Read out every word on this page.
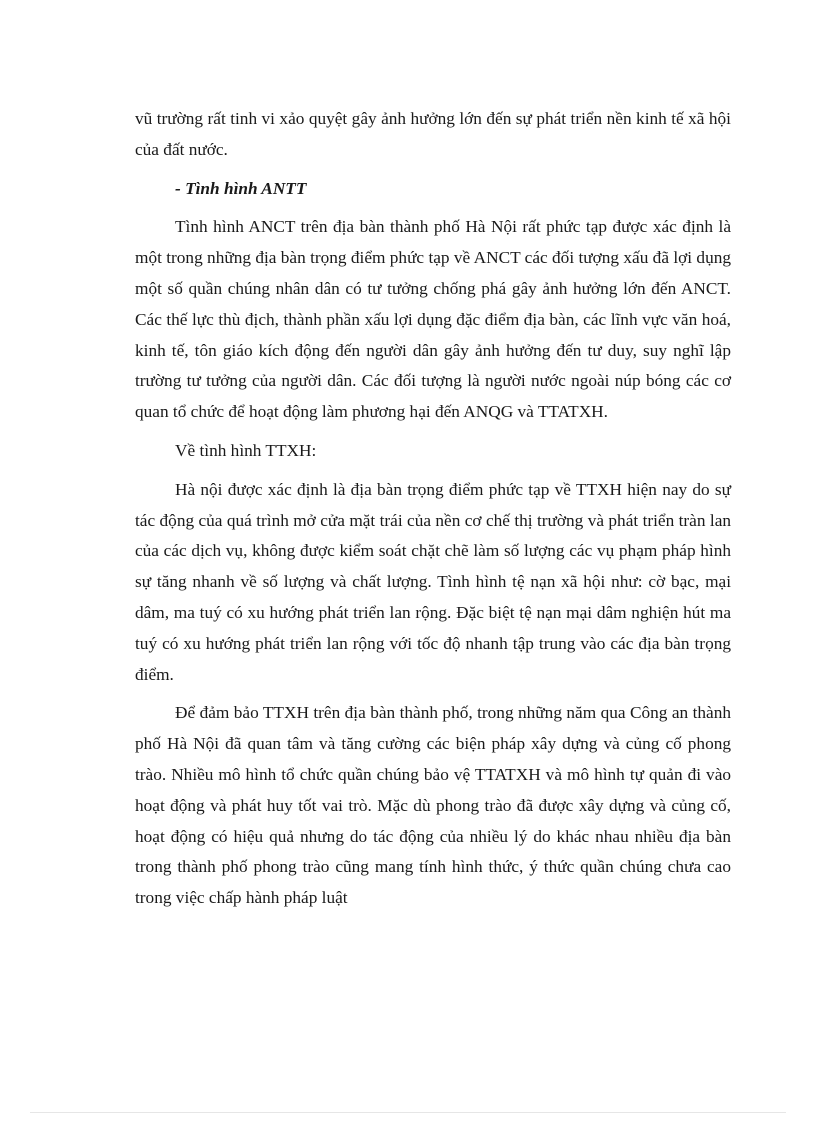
vũ trường rất tinh vi xảo quyệt gây ảnh hưởng lớn đến sự phát triển nền kinh tế xã hội của đất nước.

- Tình hình ANTT

Tình hình ANCT trên địa bàn thành phố Hà Nội rất phức tạp được xác định là một trong những địa bàn trọng điểm phức tạp về ANCT các đối tượng xấu đã lợi dụng một số quần chúng nhân dân có tư tưởng chống phá gây ảnh hưởng lớn đến ANCT. Các thế lực thù địch, thành phần xấu lợi dụng đặc điểm địa bàn, các lĩnh vực văn hoá, kinh tế, tôn giáo kích động đến người dân gây ảnh hưởng đến tư duy, suy nghĩ lập trường tư tưởng của người dân. Các đối tượng là người nước ngoài núp bóng các cơ quan tổ chức để hoạt động làm phương hại đến ANQG và TTATXH.

Về tình hình TTXH:

Hà nội được xác định là địa bàn trọng điểm phức tạp về TTXH hiện nay do sự tác động của quá trình mở cửa mặt trái của nền cơ chế thị trường và phát triển tràn lan của các dịch vụ, không được kiểm soát chặt chẽ làm số lượng các vụ phạm pháp hình sự tăng nhanh về số lượng và chất lượng. Tình hình tệ nạn xã hội như: cờ bạc, mại dâm, ma tuý có xu hướng phát triển lan rộng. Đặc biệt tệ nạn mại dâm nghiện hút ma tuý có xu hướng phát triển lan rộng với tốc độ nhanh tập trung vào các địa bàn trọng điểm.

Để đảm bảo TTXH trên địa bàn thành phố, trong những năm qua Công an thành phố Hà Nội đã quan tâm và tăng cường các biện pháp xây dựng và củng cố phong trào. Nhiều mô hình tổ chức quần chúng bảo vệ TTATXH và mô hình tự quản đi vào hoạt động và phát huy tốt vai trò. Mặc dù phong trào đã được xây dựng và củng cố, hoạt động có hiệu quả nhưng do tác động của nhiều lý do khác nhau nhiều địa bàn trong thành phố phong trào cũng mang tính hình thức, ý thức quần chúng chưa cao trong việc chấp hành pháp luật
